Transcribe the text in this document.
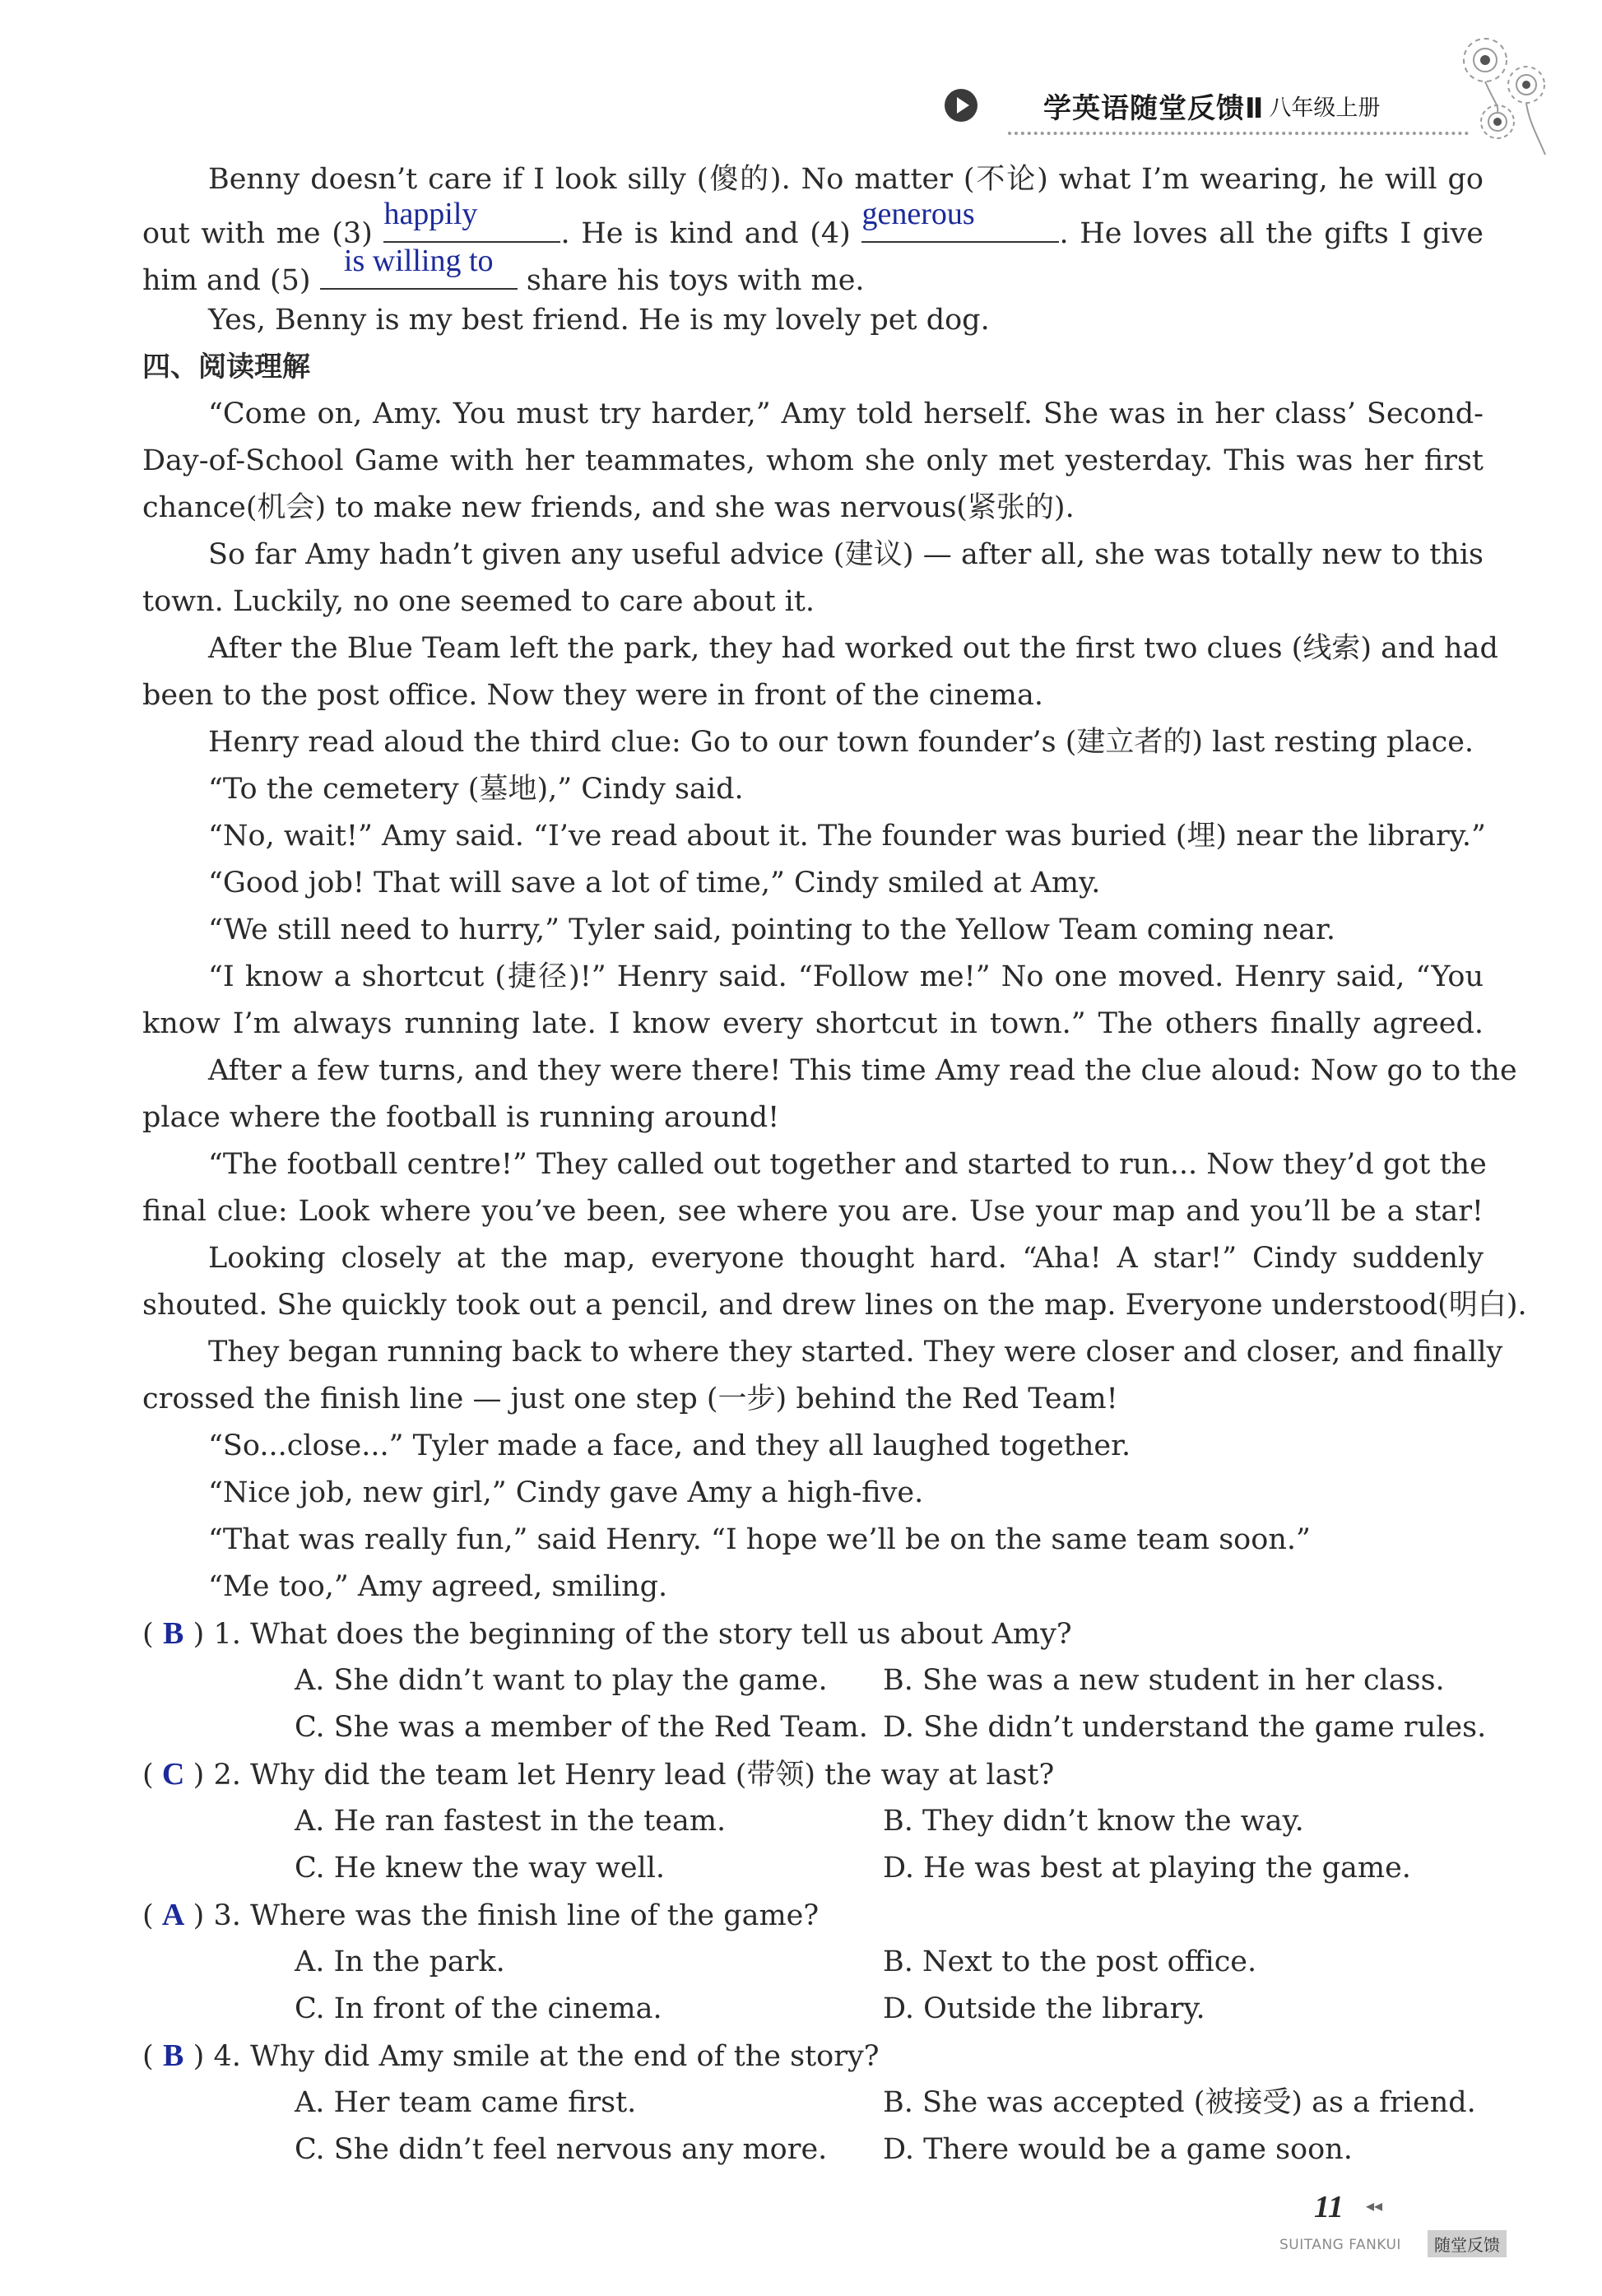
学英语随堂反馈Ⅱ 八年级上册
Benny doesn’t care if I look silly (傻的). No matter (不论) what I’m wearing, he will go
out with me (3)
happily
. He is kind and (4)
generous
. He loves all the gifts I give
him and (5)
is willing to
share his toys with me.
Yes, Benny is my best friend. He is my lovely pet dog.
四、阅读理解
“Come on, Amy. You must try harder,” Amy told herself. She was in her class’ Second-
Day-of-School Game with her teammates, whom she only met yesterday. This was her first
chance(机会) to make new friends, and she was nervous(紧张的).
So far Amy hadn’t given any useful advice (建议) — after all, she was totally new to this
town. Luckily, no one seemed to care about it.
After the Blue Team left the park, they had worked out the first two clues (线索) and had
been to the post office. Now they were in front of the cinema.
Henry read aloud the third clue: Go to our town founder’s (建立者的) last resting place.
“To the cemetery (墓地),” Cindy said.
“No, wait!” Amy said. “I’ve read about it. The founder was buried (埋) near the library.”
“Good job! That will save a lot of time,” Cindy smiled at Amy.
“We still need to hurry,” Tyler said, pointing to the Yellow Team coming near.
“I know a shortcut (捷径)!” Henry said. “Follow me!” No one moved. Henry said, “You
know I’m always running late. I know every shortcut in town.” The others finally agreed.
After a few turns, and they were there! This time Amy read the clue aloud: Now go to the
place where the football is running around!
“The football centre!” They called out together and started to run... Now they’d got the
final clue: Look where you’ve been, see where you are. Use your map and you’ll be a star!
Looking closely at the map, everyone thought hard. “Aha! A star!” Cindy suddenly
shouted. She quickly took out a pencil, and drew lines on the map. Everyone understood(明白).
They began running back to where they started. They were closer and closer, and finally
crossed the finish line — just one step (一步) behind the Red Team!
“So...close...” Tyler made a face, and they all laughed together.
“Nice job, new girl,” Cindy gave Amy a high-five.
“That was really fun,” said Henry. “I hope we’ll be on the same team soon.”
“Me too,” Amy agreed, smiling.
( B ) 1. What does the beginning of the story tell us about Amy?
A. She didn’t want to play the game. B. She was a new student in her class.
C. She was a member of the Red Team. D. She didn’t understand the game rules.
( C ) 2. Why did the team let Henry lead (带领) the way at last?
A. He ran fastest in the team.	B. They didn’t know the way.
C. He knew the way well.	D. He was best at playing the game.
( A ) 3. Where was the finish line of the game?
A. In the park.	B. Next to the post office.
C. In front of the cinema.	D. Outside the library.
( B ) 4. Why did Amy smile at the end of the story?
A. Her team came first.	B. She was accepted (被接受) as a friend.
C. She didn’t feel nervous any more. D. There would be a game soon.
11 ◂◂
SUITANG FANKUI	随堂反馈
